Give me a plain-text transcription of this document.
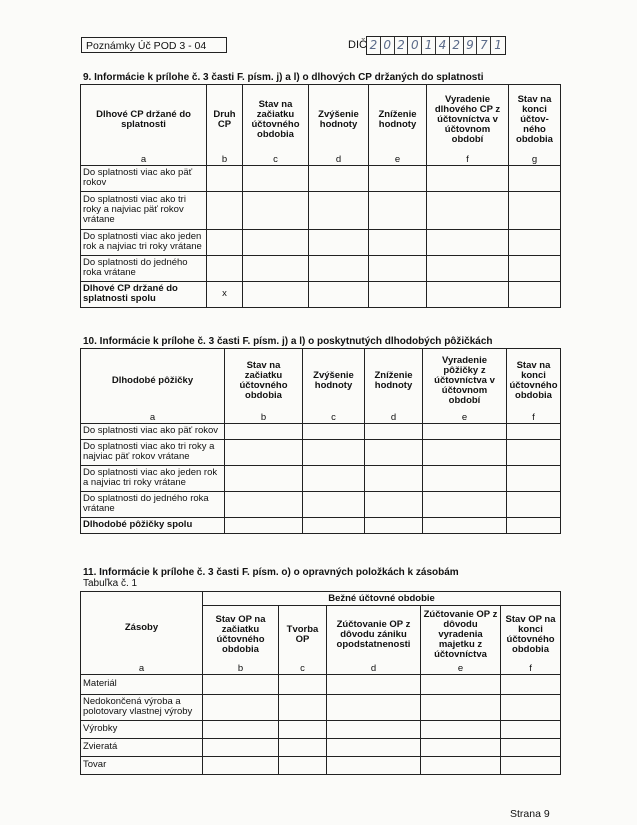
Poznámky Úč POD 3 - 04	DIČ 2 0 2 0 1 4 2 9 7 1
9. Informácie k prílohe č. 3 časti F. písm. j) a l) o dlhových CP držaných do splatnosti
Dlhové CP držané do splatnosti	Druh CP	Stav na začiatku účtovného obdobia	Zvýšenie hodnoty	Zníženie hodnoty	Vyradenie dlhového CP z účtovníctva v účtovnom období	Stav na konci účtov-ného obdobia
a	b	c	d	e	f	g
Do splatnosti viac ako päť rokov						
Do splatnosti viac ako tri roky a najviac päť rokov vrátane						
Do splatnosti viac ako jeden rok a najviac tri roky vrátane						
Do splatnosti do jedného roka vrátane						
Dlhové CP držané do splatnosti spolu	x					
10. Informácie k prílohe č. 3 časti F. písm. j) a l) o poskytnutých dlhodobých pôžičkách
Dlhodobé pôžičky	Stav na začiatku účtovného obdobia	Zvýšenie hodnoty	Zníženie hodnoty	Vyradenie pôžičky z účtovníctva v účtovnom období	Stav na konci účtovného obdobia
a	b	c	d	e	f
Do splatnosti viac ako päť rokov					
Do splatnosti viac ako tri roky a najviac päť rokov vrátane					
Do splatnosti viac ako jeden rok a najviac tri roky vrátane					
Do splatnosti do jedného roka vrátane					
Dlhodobé pôžičky spolu					
11. Informácie k prílohe č. 3 časti F. písm. o) o opravných položkách k zásobám
Tabuľka č. 1
Zásoby	Bežné účtovné obdobie				
	Stav OP na začiatku účtovného obdobia	Tvorba OP	Zúčtovanie OP z dôvodu zániku opodstatnenosti	Zúčtovanie OP z dôvodu vyradenia majetku z účtovníctva	Stav OP na konci účtovného obdobia
a	b	c	d	e	f
Materiál					
Nedokončená výroba a polotovary vlastnej výroby					
Výrobky					
Zvieratá					
Tovar					
Strana 9
